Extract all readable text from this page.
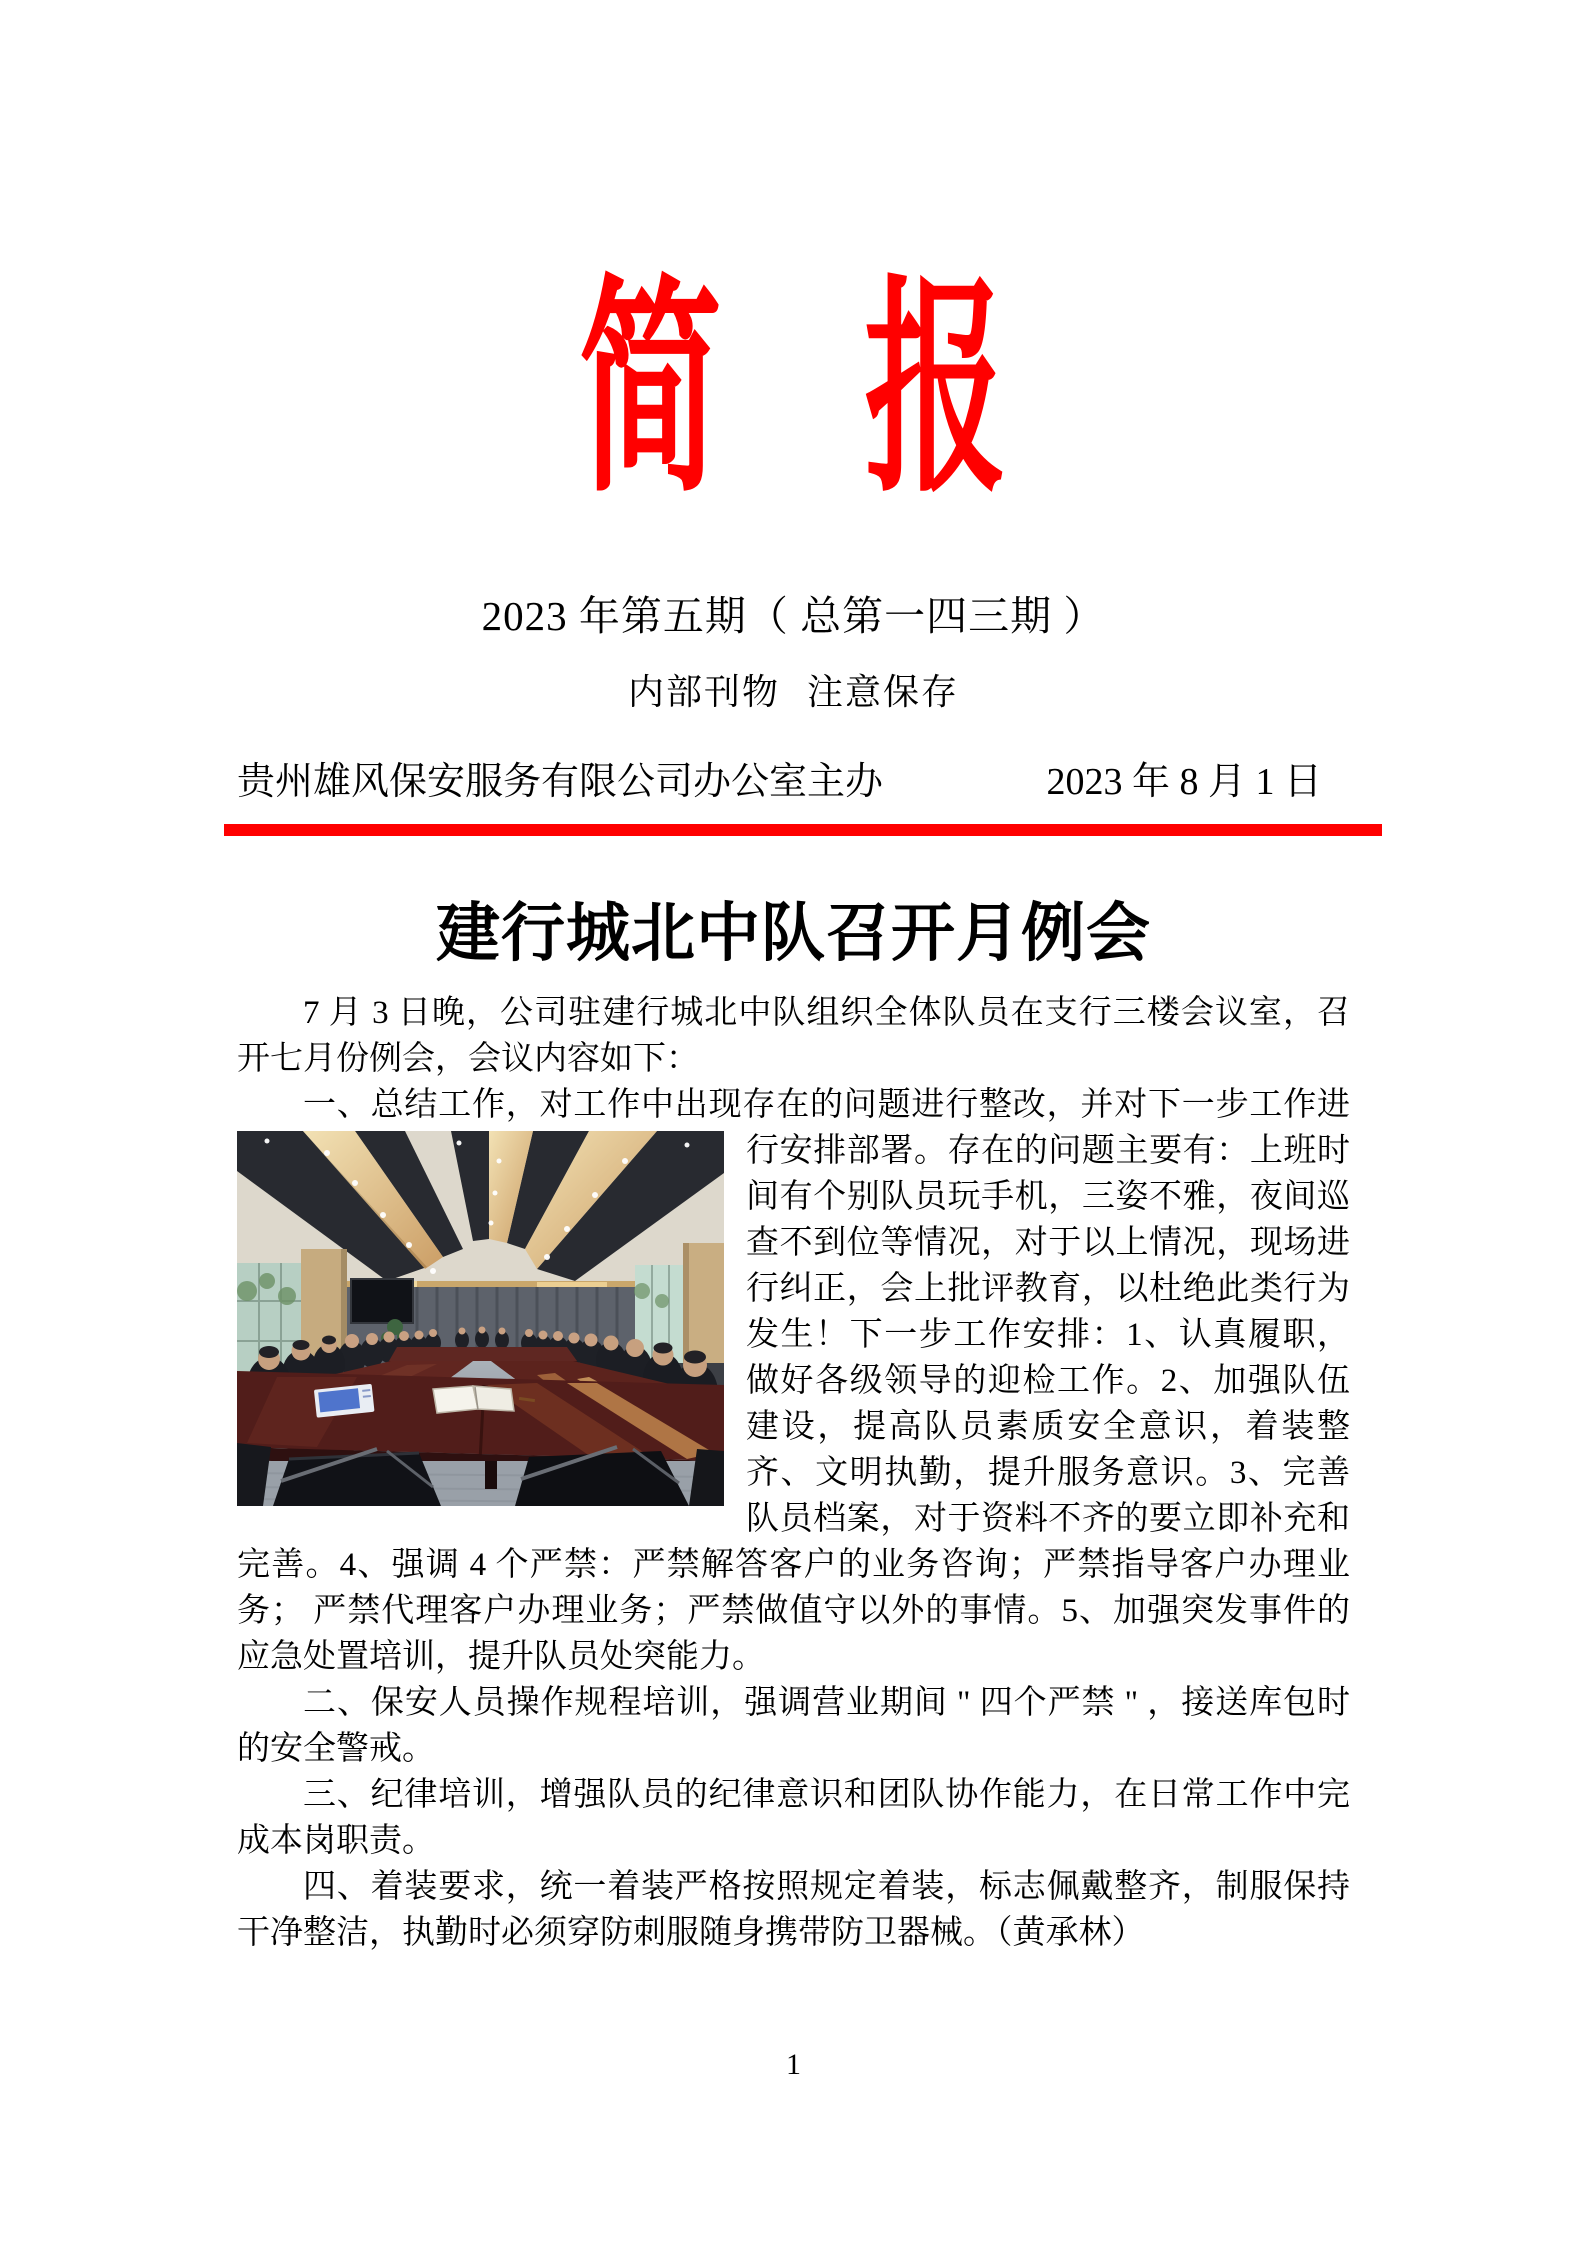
简　报
2023 年第五期（ 总第一四三期 ）
内部刊物 注意保存
贵州雄风保安服务有限公司办公室主办	2023 年 8 月 1 日
建行城北中队召开月例会
7 月 3 日晚，公司驻建行城北中队组织全体队员在支行三楼会议室，召开七月份例会，会议内容如下：
一、总结工作，对工作中出现存在的问题进行整改，并对下一步工作进行安
排部署。存在的问题主要有：上班时间有个别队员玩手机，三姿不雅，夜间巡查不到位等情况，对于以上情况，现场进行纠正，会上批评教育，以杜绝此类行为发生！下一步工作安排：1、认真履职，做好各级领导的迎检工作。2、加强队伍建设，提高队员素质安全意识，着装整齐、文明执勤，提升服务意识。3、完善队员档案，对于资料不齐的要立即补充和完善。4、强调 4 个严禁：严禁解答客户的业务咨询；严禁指导客户办理业务； 严禁代理客户办理业务；严禁做值守以外的事情。5、加强突发事件的应急处置培训，提升队员处突能力。
二、保安人员操作规程培训，强调营业期间 " 四个严禁 " ，接送库包时的安全警戒。
三、纪律培训，增强队员的纪律意识和团队协作能力，在日常工作中完成本岗职责。
四、着装要求，统一着装严格按照规定着装，标志佩戴整齐，制服保持干净整洁，执勤时必须穿防刺服随身携带防卫器械。（黄承林）
1
